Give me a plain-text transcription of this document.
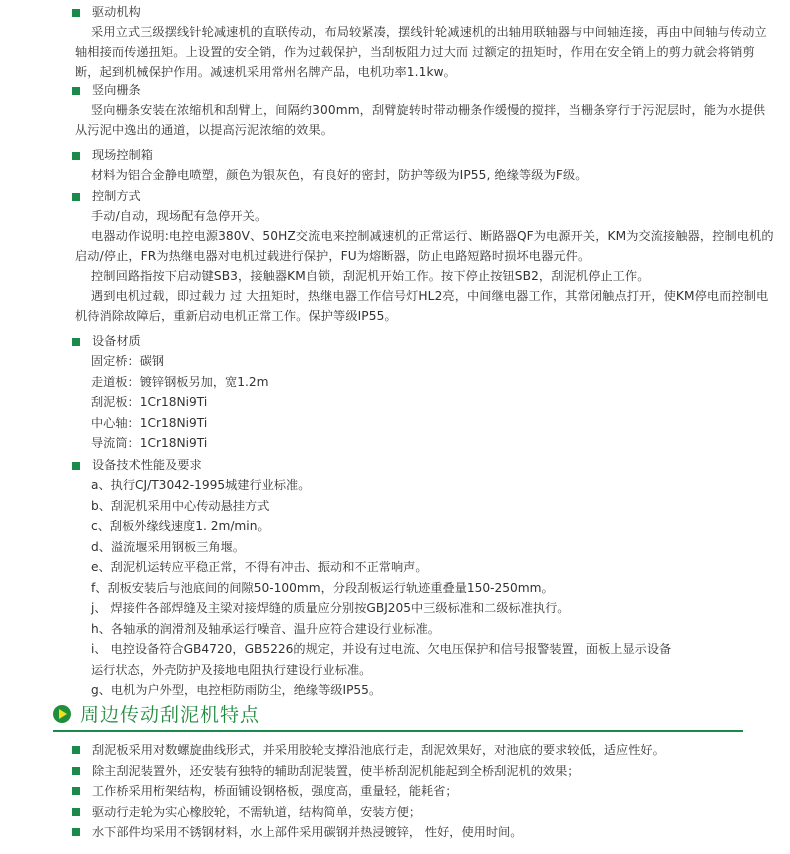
驱动机构
采用立式三级摆线针轮减速机的直联传动，布局较紧凑，摆线针轮减速机的出轴用联轴器与中间轴连接，再由中间轴与传动立轴相接而传递扭矩。上设置的安全销，作为过载保护，当刮板阻力过大而 过额定的扭矩时，作用在安全销上的剪力就会将销剪断，起到机械保护作用。减速机采用常州名牌产品，电机功率1.1kw。
竖向栅条
竖向栅条安装在浓缩机和刮臂上，间隔约300mm，刮臂旋转时带动栅条作缓慢的搅拌，当栅条穿行于污泥层时，能为水提供从污泥中逸出的通道，以提高污泥浓缩的效果。
现场控制箱
材料为铝合金静电喷塑，颜色为银灰色，有良好的密封，防护等级为IP55, 绝缘等级为F级。
控制方式
手动/自动，现场配有急停开关。
电器动作说明:电控电源380V、50HZ交流电来控制减速机的正常运行、断路器QF为电源开关，KM为交流接触器，控制电机的启动/停止，FR为热继电器对电机过载进行保护，FU为熔断器，防止电路短路时损坏电器元件。
控制回路指按下启动键SB3，接触器KM自锁，刮泥机开始工作。按下停止按钮SB2，刮泥机停止工作。
遇到电机过载，即过载力 过 大扭矩时，热继电器工作信号灯HL2亮，中间继电器工作，其常闭触点打开，使KM停电而控制电机待消除故障后，重新启动电机正常工作。保护等级IP55。
设备材质
固定桥：碳钢
走道板：镀锌钢板另加，宽1.2m
刮泥板：1Cr18Ni9Ti
中心轴：1Cr18Ni9Ti
导流筒：1Cr18Ni9Ti
设备技术性能及要求
a、执行CJ/T3042-1995城建行业标准。
b、刮泥机采用中心传动悬挂方式
c、刮板外缘线速度1. 2m/min。
d、溢流堰采用钢板三角堰。
e、刮泥机运转应平稳正常，不得有冲击、振动和不正常响声。
f、刮板安装后与池底间的间隙50-100mm，分段刮板运行轨迹重叠量150-250mm。
j、 焊接件各部焊缝及主梁对接焊缝的质量应分别按GBJ205中三级标准和二级标准执行。
h、各轴承的润滑剂及轴承运行噪音、温升应符合建设行业标准。
i、 电控设备符合GB4720，GB5226的规定，并设有过电流、欠电压保护和信号报警装置，面板上显示设备
运行状态，外壳防护及接地电阻执行建设行业标准。
g、电机为户外型，电控柜防雨防尘，绝缘等级IP55。
周边传动刮泥机特点
刮泥板采用对数螺旋曲线形式，并采用胶轮支撑沿池底行走，刮泥效果好，对池底的要求较低，适应性好。
除主刮泥装置外，还安装有独特的辅助刮泥装置，使半桥刮泥机能起到全桥刮泥机的效果；
工作桥采用桁架结构，桥面铺设钢格板，强度高，重量轻，能耗省；
驱动行走轮为实心橡胶轮，不需轨道，结构简单，安装方便；
水下部件均采用不锈钢材料，水上部件采用碳钢并热浸镀锌， 性好，使用时间。
